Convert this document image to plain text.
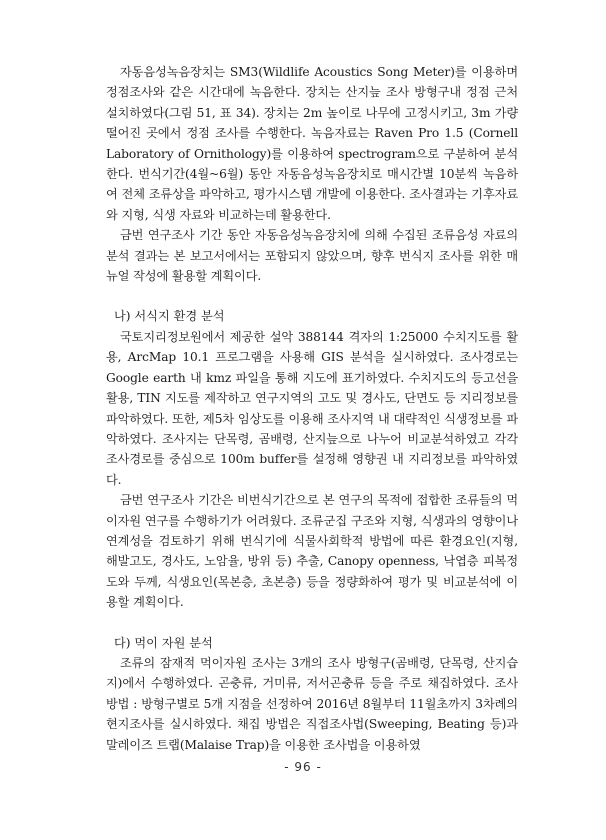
자동음성녹음장치는 SM3(Wildlife Acoustics Song Meter)를 이용하며 정점조사와 같은 시간대에 녹음한다. 장치는 산지늪 조사 방형구내 정점 근처 설치하였다(그림 51, 표 34). 장치는 2m 높이로 나무에 고정시키고, 3m 가량 떨어진 곳에서 정점 조사를 수행한다. 녹음자료는 Raven Pro 1.5 (Cornell Laboratory of Ornithology)를 이용하여 spectrogram으로 구분하여 분석한다. 번식기간(4월~6월) 동안 자동음성녹음장치로 매시간별 10분씩 녹음하여 전체 조류상을 파악하고, 평가시스템 개발에 이용한다. 조사결과는 기후자료와 지형, 식생 자료와 비교하는데 활용한다.

금번 연구조사 기간 동안 자동음성녹음장치에 의해 수집된 조류음성 자료의 분석 결과는 본 보고서에서는 포함되지 않았으며, 향후 번식지 조사를 위한 매뉴얼 작성에 활용할 계획이다.

나) 서식지 환경 분석

국토지리정보원에서 제공한 설악 388144 격자의 1:25000 수치지도를 활용, ArcMap 10.1 프로그램을 사용해 GIS 분석을 실시하였다. 조사경로는 Google earth 내 kmz 파일을 통해 지도에 표기하였다. 수치지도의 등고선을 활용, TIN 지도를 제작하고 연구지역의 고도 및 경사도, 단면도 등 지리정보를 파악하였다. 또한, 제5차 임상도를 이용해 조사지역 내 대략적인 식생정보를 파악하였다. 조사지는 단목령, 곰배령, 산지늪으로 나누어 비교분석하였고 각각 조사경로를 중심으로 100m buffer를 설정해 영향권 내 지리정보를 파악하였다.

금번 연구조사 기간은 비번식기간으로 본 연구의 목적에 접합한 조류들의 먹이자원 연구를 수행하기가 어려웠다. 조류군집 구조와 지형, 식생과의 영향이나 연계성을 검토하기 위해 번식기에 식물사회학적 방법에 따른 환경요인(지형, 해발고도, 경사도, 노암율, 방위 등) 추출, Canopy openness, 낙엽층 피복정도와 두께, 식생요인(목본층, 초본층) 등을 정량화하여 평가 및 비교분석에 이용할 계획이다.

다) 먹이 자원 분석

조류의 잠재적 먹이자원 조사는 3개의 조사 방형구(곰배령, 단목령, 산지습지)에서 수행하였다. 곤충류, 거미류, 저서곤충류 등을 주로 채집하였다. 조사 방법 : 방형구별로 5개 지점을 선정하여 2016년 8월부터 11월초까지 3차례의 현지조사를 실시하였다. 채집 방법은 직접조사법(Sweeping, Beating 등)과 말레이즈 트랩(Malaise Trap)을 이용한 조사법을 이용하였

- 96 -
